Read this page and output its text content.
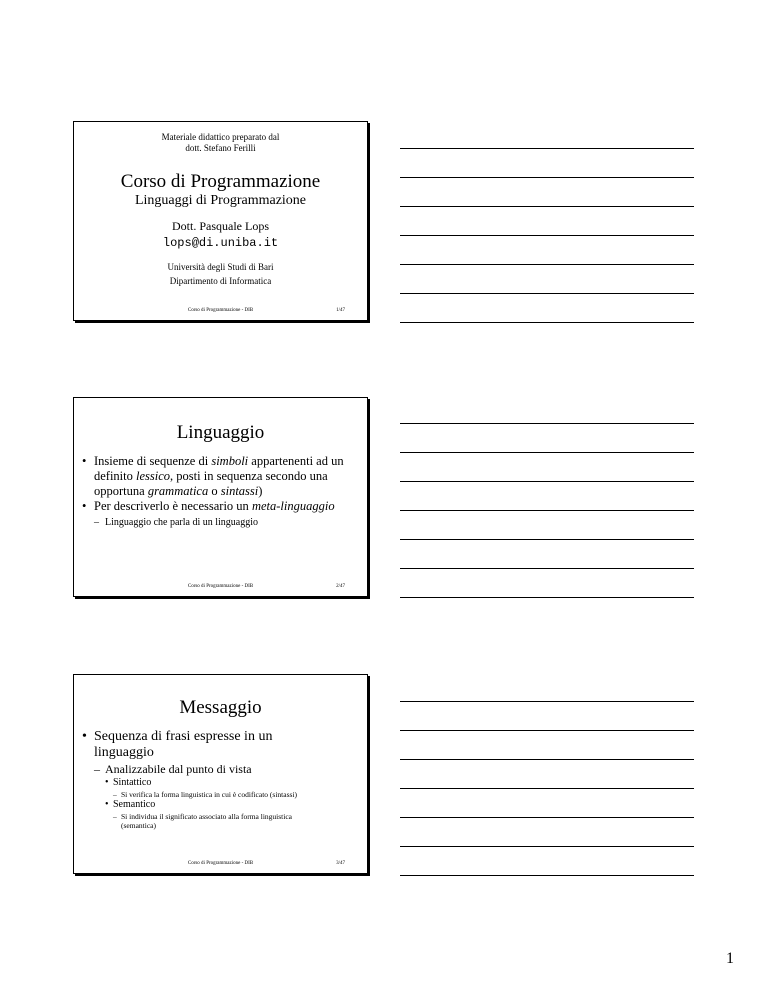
Materiale didattico preparato dal
dott. Stefano Ferilli
Corso di Programmazione
Linguaggi di Programmazione
Dott. Pasquale Lops
lops@di.uniba.it
Università degli Studi di Bari
Dipartimento di Informatica
Corso di Programmazione - DIB	1/47
Linguaggio
• Insieme di sequenze di simboli appartenenti ad un definito lessico, posti in sequenza secondo una opportuna grammatica o sintassi)
• Per descriverlo è necessario un meta-linguaggio
– Linguaggio che parla di un linguaggio
Corso di Programmazione - DIB	2/47
Messaggio
• Sequenza di frasi espresse in un linguaggio
– Analizzabile dal punto di vista
• Sintattico
– Si verifica la forma linguistica in cui è codificato (sintassi)
• Semantico
– Si individua il significato associato alla forma linguistica (semantica)
Corso di Programmazione - DIB	3/47
1
